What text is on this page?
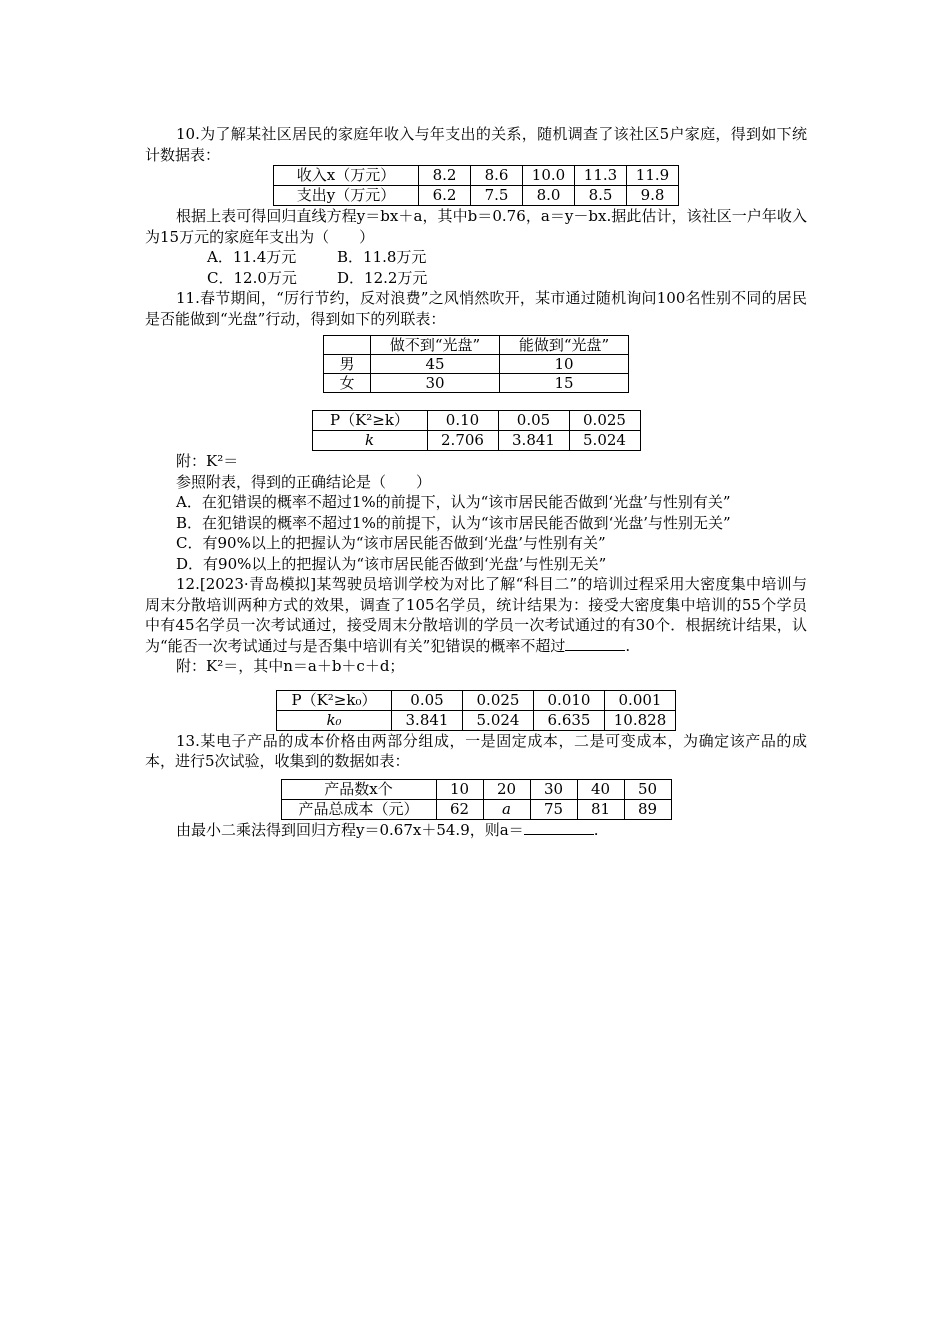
10.为了解某社区居民的家庭年收入与年支出的关系，随机调查了该社区5户家庭，得到如下统计数据表：

收入x（万元）	8.2	8.6	10.0	11.3	11.9
支出y（万元）	6.2	7.5	8.0	8.5	9.8

根据上表可得回归直线方程y＝bx＋a，其中b＝0.76，a＝y－bx.据此估计，该社区一户年收入为15万元的家庭年支出为（　　）

A．11.4万元	B．11.8万元

C．12.0万元	D．12.2万元

11.春节期间，“厉行节约，反对浪费”之风悄然吹开，某市通过随机询问100名性别不同的居民是否能做到“光盘”行动，得到如下的列联表：

	做不到“光盘”	能做到“光盘”
男	45	10
女	30	15
P（K²≥k）	0.10	0.05	0.025
k	2.706	3.841	5.024

附：K²＝

参照附表，得到的正确结论是（　　）

A．在犯错误的概率不超过1%的前提下，认为“该市居民能否做到‘光盘’与性别有关”

B．在犯错误的概率不超过1%的前提下，认为“该市居民能否做到‘光盘’与性别无关”

C．有90%以上的把握认为“该市居民能否做到‘光盘’与性别有关”

D．有90%以上的把握认为“该市居民能否做到‘光盘’与性别无关”

12.[2023·青岛模拟]某驾驶员培训学校为对比了解“科目二”的培训过程采用大密度集中培训与周末分散培训两种方式的效果，调查了105名学员，统计结果为：接受大密度集中培训的55个学员中有45名学员一次考试通过，接受周末分散培训的学员一次考试通过的有30个．根据统计结果，认为“能否一次考试通过与是否集中培训有关”犯错误的概率不超过	.

附：K²＝，其中n＝a＋b＋c＋d；

P（K²≥k₀）	0.05	0.025	0.010	0.001
k₀	3.841	5.024	6.635	10.828

13.某电子产品的成本价格由两部分组成，一是固定成本，二是可变成本，为确定该产品的成本，进行5次试验，收集到的数据如表：

产品数x个	10	20	30	40	50
产品总成本（元）	62	a	75	81	89

由最小二乘法得到回归方程y＝0.67x＋54.9，则a＝	.
